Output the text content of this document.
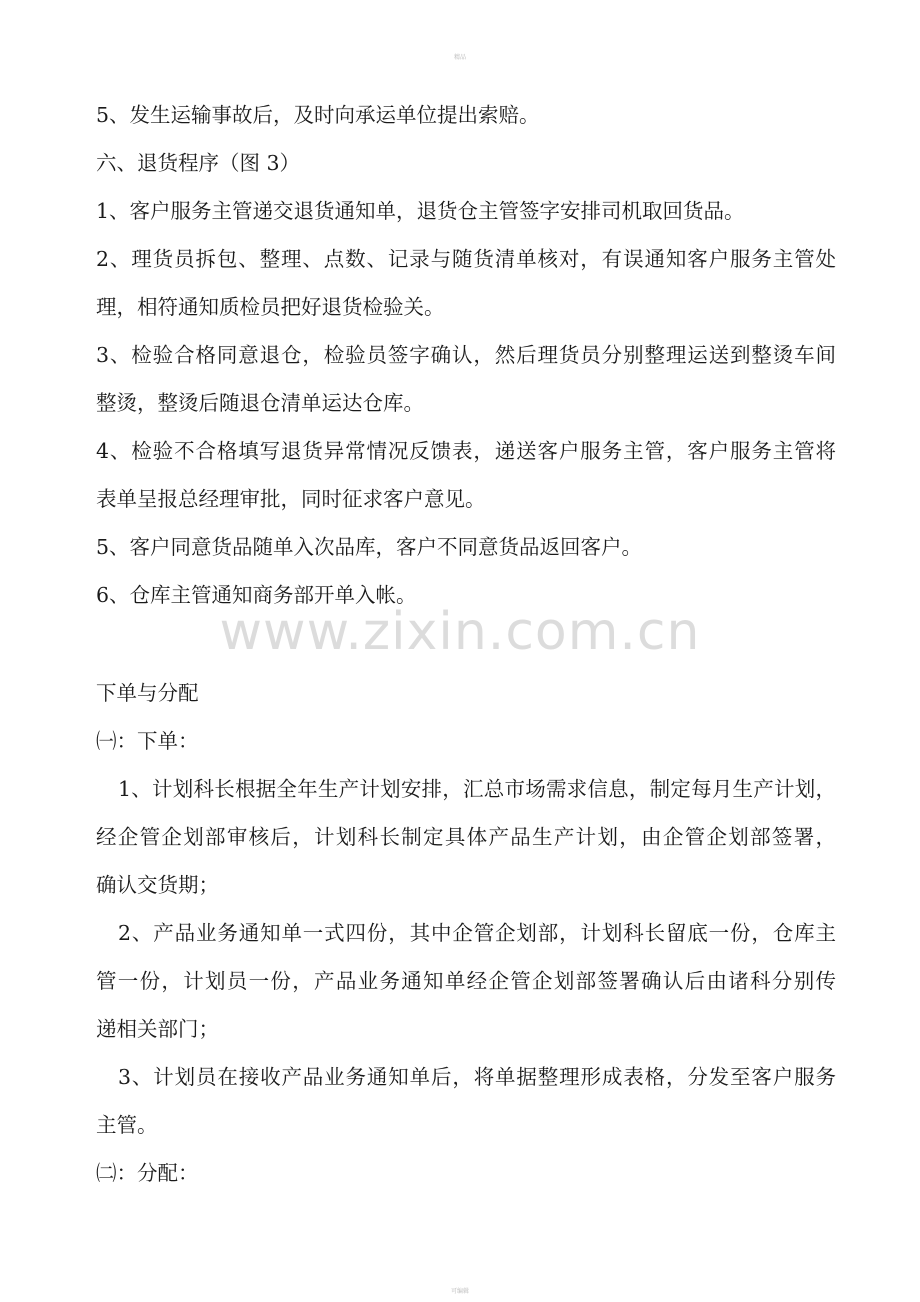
精品
www.zixin.com.cn
5、发生运输事故后，及时向承运单位提出索赔。
六、退货程序（图 3）
1、客户服务主管递交退货通知单，退货仓主管签字安排司机取回货品。
2、理货员拆包、整理、点数、记录与随货清单核对，有误通知客户服务主管处
理，相符通知质检员把好退货检验关。
3、检验合格同意退仓，检验员签字确认，然后理货员分别整理运送到整烫车间
整烫，整烫后随退仓清单运达仓库。
4、检验不合格填写退货异常情况反馈表，递送客户服务主管，客户服务主管将
表单呈报总经理审批，同时征求客户意见。
5、客户同意货品随单入次品库，客户不同意货品返回客户。
6、仓库主管通知商务部开单入帐。
下单与分配
㈠：下单：
1、计划科长根据全年生产计划安排，汇总市场需求信息，制定每月生产计划，
经企管企划部审核后，计划科长制定具体产品生产计划，由企管企划部签署，
确认交货期；
2、产品业务通知单一式四份，其中企管企划部，计划科长留底一份，仓库主
管一份，计划员一份，产品业务通知单经企管企划部签署确认后由诸科分别传
递相关部门；
3、计划员在接收产品业务通知单后，将单据整理形成表格，分发至客户服务
主管。
㈡：分配：
可编辑
